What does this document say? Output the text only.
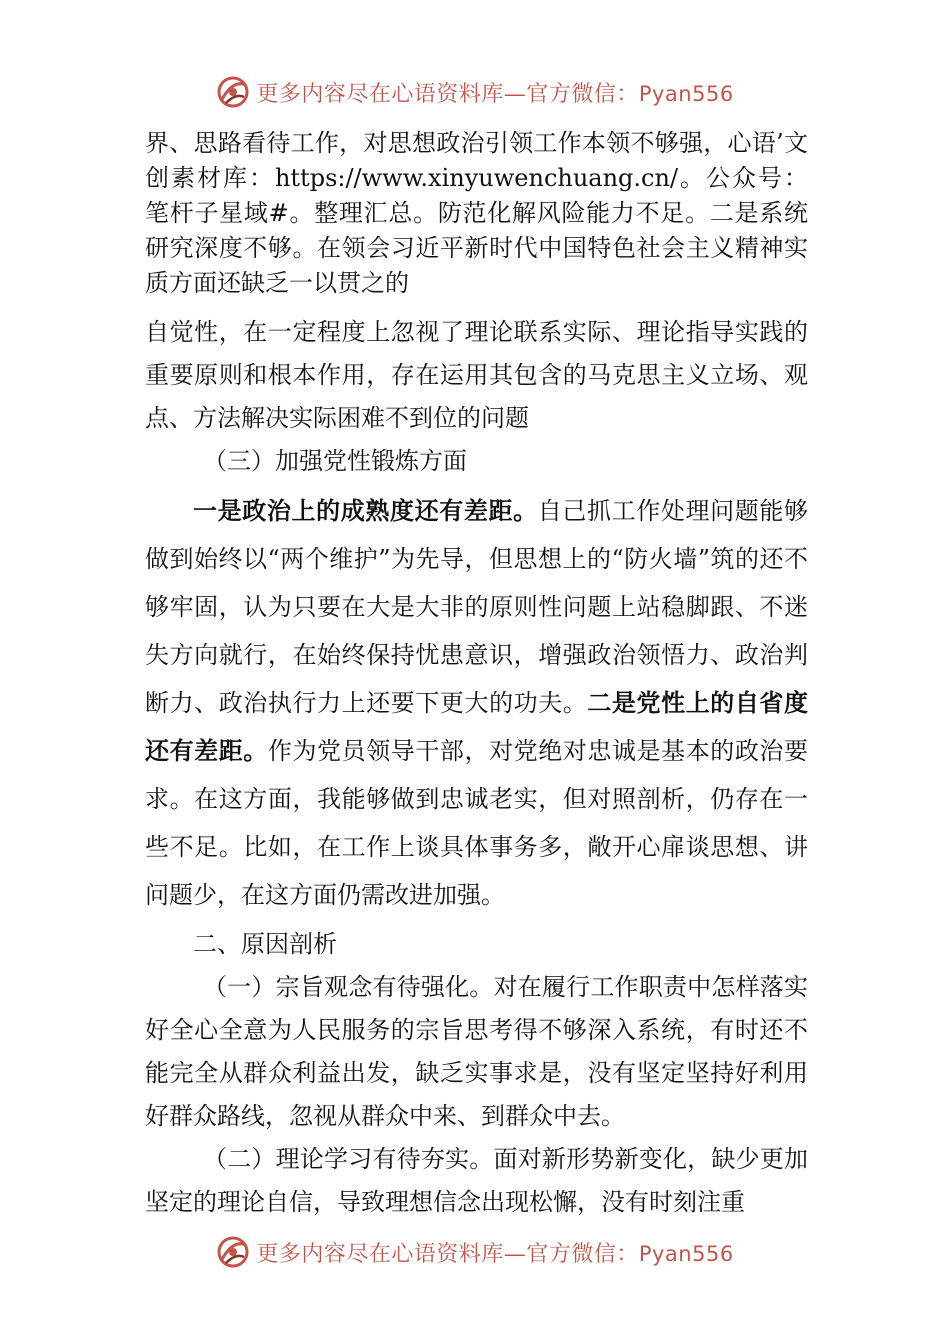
更多内容尽在心语资料库—官方微信：Pyan556

界、思路看待工作，对思想政治引领工作本领不够强，心语’文创素材库：https://www.xinyuwenchuang.cn/。公众号：笔杆子星域#。整理汇总。防范化解风险能力不足。二是系统研究深度不够。在领会习近平新时代中国特色社会主义精神实质方面还缺乏一以贯之的

自觉性，在一定程度上忽视了理论联系实际、理论指导实践的重要原则和根本作用，存在运用其包含的马克思主义立场、观点、方法解决实际困难不到位的问题

（三）加强党性锻炼方面

一是政治上的成熟度还有差距。自己抓工作处理问题能够做到始终以“两个维护”为先导，但思想上的“防火墙”筑的还不够牢固，认为只要在大是大非的原则性问题上站稳脚跟、不迷失方向就行，在始终保持忧患意识，增强政治领悟力、政治判断力、政治执行力上还要下更大的功夫。二是党性上的自省度还有差距。作为党员领导干部，对党绝对忠诚是基本的政治要求。在这方面，我能够做到忠诚老实，但对照剖析，仍存在一些不足。比如，在工作上谈具体事务多，敞开心扉谈思想、讲问题少，在这方面仍需改进加强。

二、原因剖析

（一）宗旨观念有待强化。对在履行工作职责中怎样落实好全心全意为人民服务的宗旨思考得不够深入系统，有时还不能完全从群众利益出发，缺乏实事求是，没有坚定坚持好利用好群众路线，忽视从群众中来、到群众中去。

（二）理论学习有待夯实。面对新形势新变化，缺少更加坚定的理论自信，导致理想信念出现松懈，没有时刻注重

更多内容尽在心语资料库—官方微信：Pyan556
